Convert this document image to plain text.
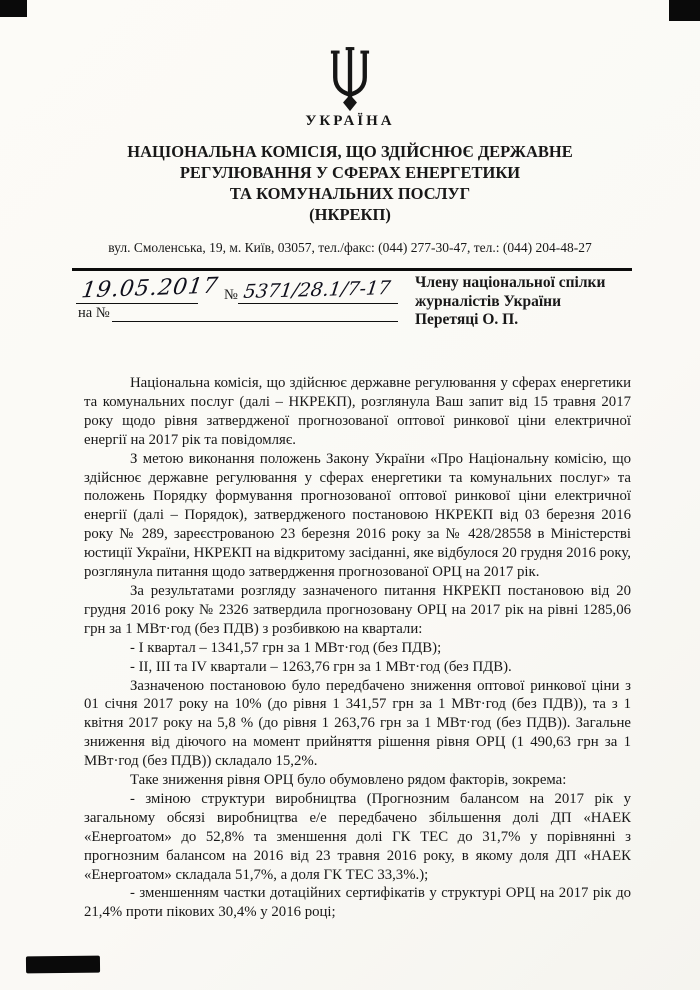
УКРАЇНА
НАЦІОНАЛЬНА КОМІСІЯ, ЩО ЗДІЙСНЮЄ ДЕРЖАВНЕ
РЕГУЛЮВАННЯ У СФЕРАХ ЕНЕРГЕТИКИ
ТА КОМУНАЛЬНИХ ПОСЛУГ
(НКРЕКП)
вул. Смоленська, 19, м. Київ, 03057, тел./факс: (044) 277-30-47, тел.: (044) 204-48-27
19.05.2017 № 5371/28.1/7-17
на №
Члену національної спілки
журналістів України
Перетяці О. П.

Національна комісія, що здійснює державне регулювання у сферах енергетики та комунальних послуг (далі – НКРЕКП), розглянула Ваш запит від 15 травня 2017 року щодо рівня затвердженої прогнозованої оптової ринкової ціни електричної енергії на 2017 рік та повідомляє.

З метою виконання положень Закону України «Про Національну комісію, що здійснює державне регулювання у сферах енергетики та комунальних послуг» та положень Порядку формування прогнозованої оптової ринкової ціни електричної енергії (далі – Порядок), затвердженого постановою НКРЕКП від 03 березня 2016 року № 289, зареєстрованою 23 березня 2016 року за № 428/28558 в Міністерстві юстиції України, НКРЕКП на відкритому засіданні, яке відбулося 20 грудня 2016 року, розглянула питання щодо затвердження прогнозованої ОРЦ на 2017 рік.

За результатами розгляду зазначеного питання НКРЕКП постановою від 20 грудня 2016 року № 2326 затвердила прогнозовану ОРЦ на 2017 рік на рівні 1285,06 грн за 1 МВт·год (без ПДВ) з розбивкою на квартали:

- І квартал – 1341,57 грн за 1 МВт·год (без ПДВ);

- ІІ, ІІІ та ІV квартали – 1263,76 грн за 1 МВт·год (без ПДВ).

Зазначеною постановою було передбачено зниження оптової ринкової ціни з 01 січня 2017 року на 10% (до рівня 1 341,57 грн за 1 МВт·год (без ПДВ)), та з 1 квітня 2017 року на 5,8 % (до рівня 1 263,76 грн за 1 МВт·год (без ПДВ)). Загальне зниження від діючого на момент прийняття рішення рівня ОРЦ (1 490,63 грн за 1 МВт·год (без ПДВ)) складало 15,2%.

Таке зниження рівня ОРЦ було обумовлено рядом факторів, зокрема:

- зміною структури виробництва (Прогнозним балансом на 2017 рік у загальному обсязі виробництва е/е передбачено збільшення долі ДП «НАЕК «Енергоатом» до 52,8% та зменшення долі ГК ТЕС до 31,7% у порівнянні з прогнозним балансом на 2016 від 23 травня 2016 року, в якому доля ДП «НАЕК «Енергоатом» складала 51,7%, а доля ГК ТЕС 33,3%.);

- зменшенням частки дотаційних сертифікатів у структурі ОРЦ на 2017 рік до 21,4% проти пікових 30,4% у 2016 році;
